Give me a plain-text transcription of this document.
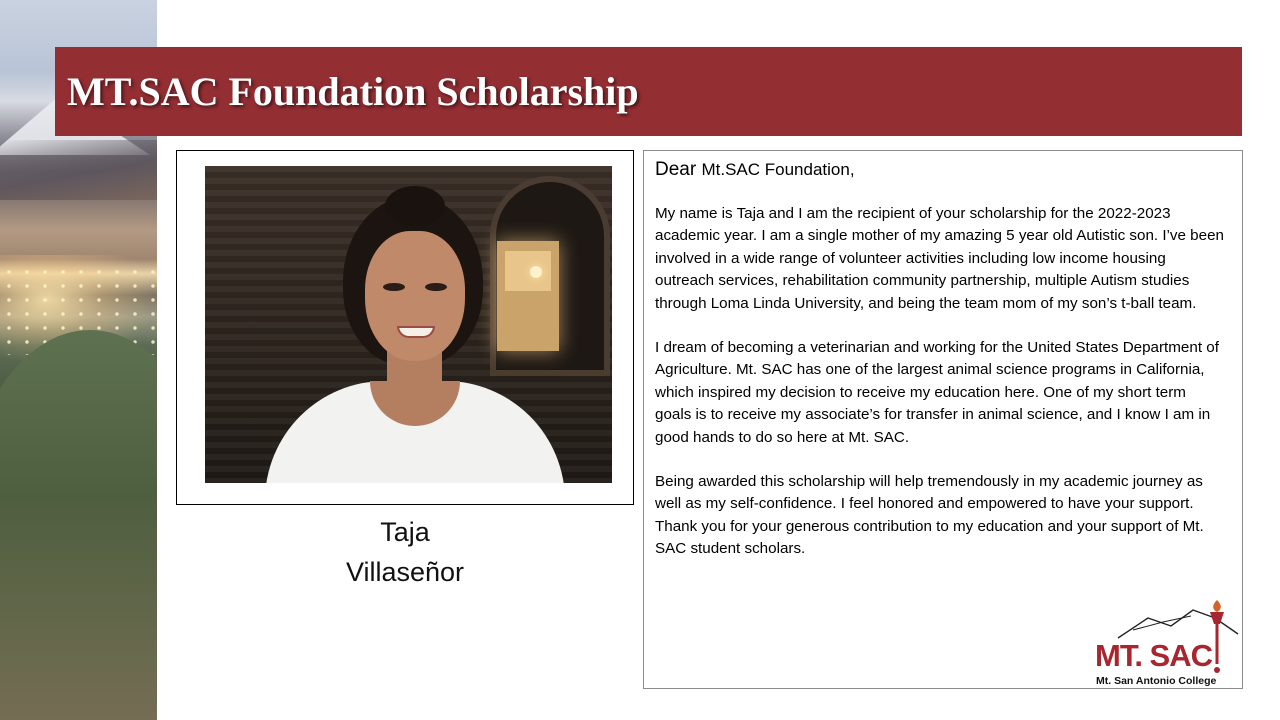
MT.SAC Foundation Scholarship
Taja
Villaseñor

Dear Mt.SAC Foundation,

My name is Taja and I am the recipient of your scholarship for the 2022-2023 academic year. I am a single mother of my amazing 5 year old Autistic son. I’ve been involved in a wide range of volunteer activities including low income housing outreach services, rehabilitation community partnership, multiple Autism studies through Loma Linda University, and being the team mom of my son’s t-ball team.

I dream of becoming a veterinarian and working for the United States Department of Agriculture. Mt. SAC has one of the largest animal science programs in California, which inspired my decision to receive my education here. One of my short term goals is to receive my associate’s for transfer in animal science, and I know I am in good hands to do so here at Mt. SAC.

Being awarded this scholarship will help tremendously in my academic journey as well as my self-confidence. I feel honored and empowered to have your support. Thank you for your generous contribution to my education and your support of Mt. SAC student scholars.

MT. SAC
Mt. San Antonio College
